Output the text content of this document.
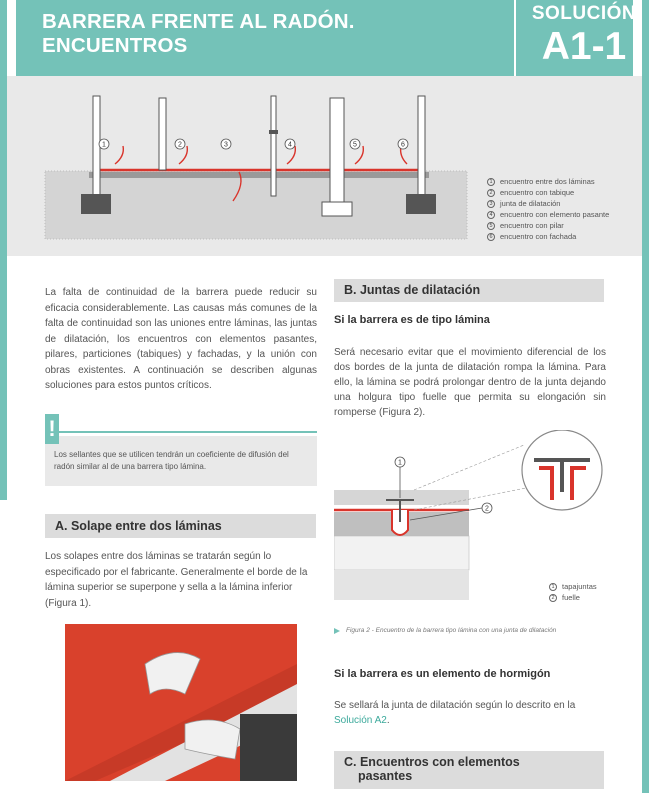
BARRERA FRENTE AL RADÓN.
ENCUENTROS
SOLUCIÓN
A1-1
1	2	3	4	5	6
1 encuentro entre dos láminas
2 encuentro con tabique
3 junta de dilatación
4 encuentro con elemento pasante
5 encuentro con pilar
6 encuentro con fachada

La falta de continuidad de la barrera puede reducir su eficacia considerablemente. Las causas más comunes de la falta de continuidad son las uniones entre láminas, las juntas de dilatación, los encuentros con elementos pasantes, pilares, particiones (tabiques) y fachadas, y la unión con obras existentes. A continuación se describen algunas soluciones para estos puntos críticos.

!

Los sellantes que se utilicen tendrán un coeficiente de difusión del radón similar al de una barrera tipo lámina.

A. Solape entre dos láminas

Los solapes entre dos láminas se tratarán según lo especificado por el fabricante. Generalmente el borde de la lámina superior se superpone y sella a la lámina inferior (Figura 1).

B. Juntas de dilatación
Si la barrera es de tipo lámina

Será necesario evitar que el movimiento diferencial de los dos bordes de la junta de dilatación rompa la lámina. Para ello, la lámina se podrá prolongar dentro de la junta dejando una holgura tipo fuelle que permita su elongación sin romperse (Figura 2).

1
2
1 tapajuntas
2 fuelle
Figura 2 - Encuentro de la barrera tipo lámina con una junta de dilatación
Si la barrera es un elemento de hormigón

Se sellará la junta de dilatación según lo descrito en la Solución A2.

C. Encuentros con elementos
pasantes
